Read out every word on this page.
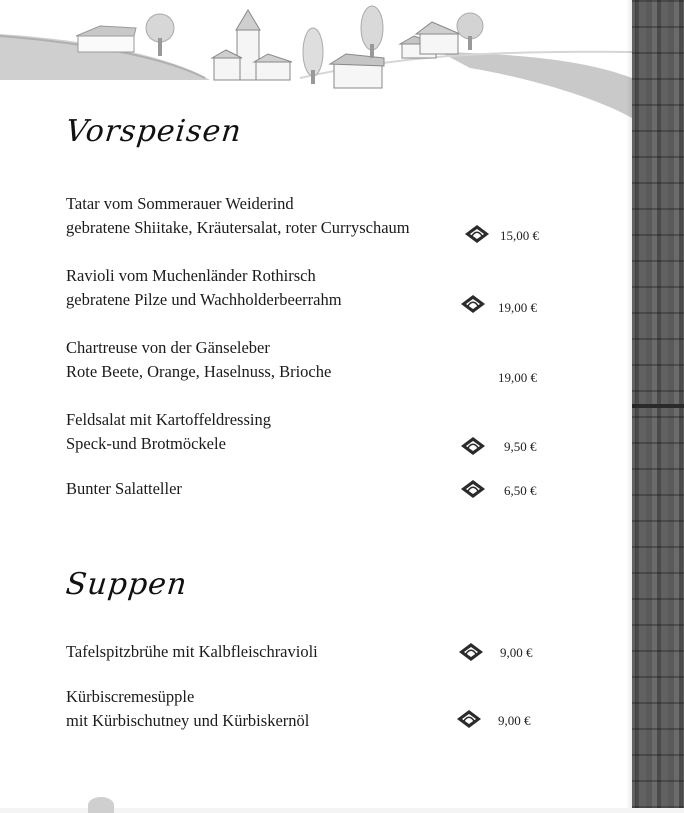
Vorspeisen
Tatar vom Sommerauer Weiderind
gebratene Shiitake, Kräutersalat, roter Curryschaum	15,00 €
Ravioli vom Muchenländer Rothirsch
gebratene Pilze und Wachholderbeerrahm	19,00 €
Chartreuse von der Gänseleber
Rote Beete, Orange, Haselnuss, Brioche	19,00 €
Feldsalat mit Kartoffeldressing
Speck-und Brotmöckele	9,50 €
Bunter Salatteller	6,50 €
Suppen
Tafelspitzbrühe mit Kalbfleischravioli	9,00 €
Kürbiscremesüpple
mit Kürbischutney und Kürbiskernöl	9,00 €
